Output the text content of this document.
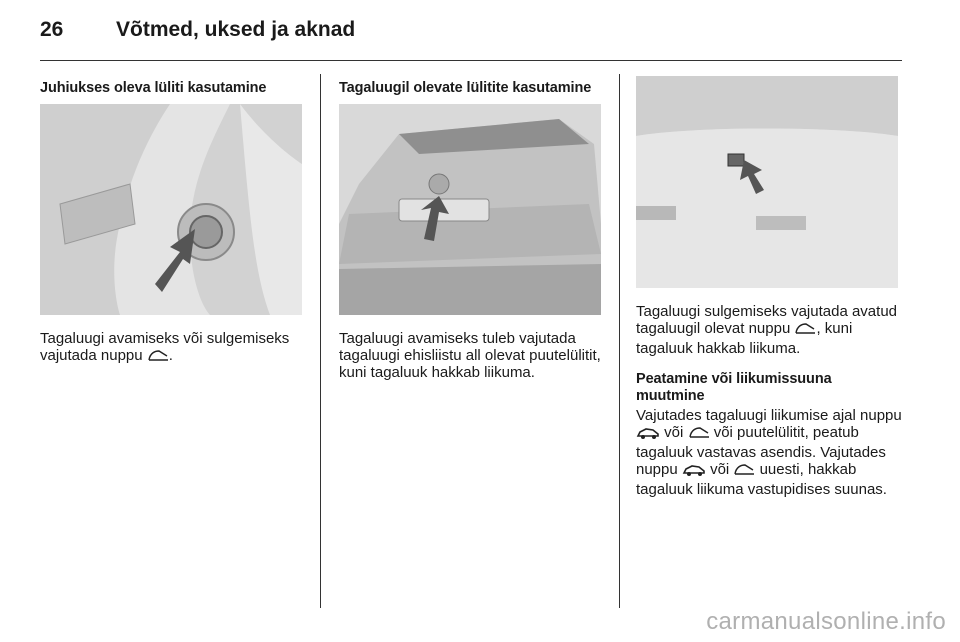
26	Võtmed, uksed ja aknad
Juhiukses oleva lüliti kasutamine
Tagaluugi avamiseks või sulgemiseks vajutada nuppu .
Tagaluugil olevate lülitite kasutamine
Tagaluugi avamiseks tuleb vajutada tagaluugi ehisliistu all olevat puutelülitit, kuni tagaluuk hakkab liikuma.
Tagaluugi sulgemiseks vajutada avatud tagaluugil olevat nuppu , kuni tagaluuk hakkab liikuma.
Peatamine või liikumissuuna muutmine
Vajutades tagaluugi liikumise ajal nuppu  või või puutelülitit, peatub tagaluuk vastavas asendis. Vajutades nuppu või uuesti, hakkab tagaluuk liikuma vastupidises suunas.
carmanualsonline.info
